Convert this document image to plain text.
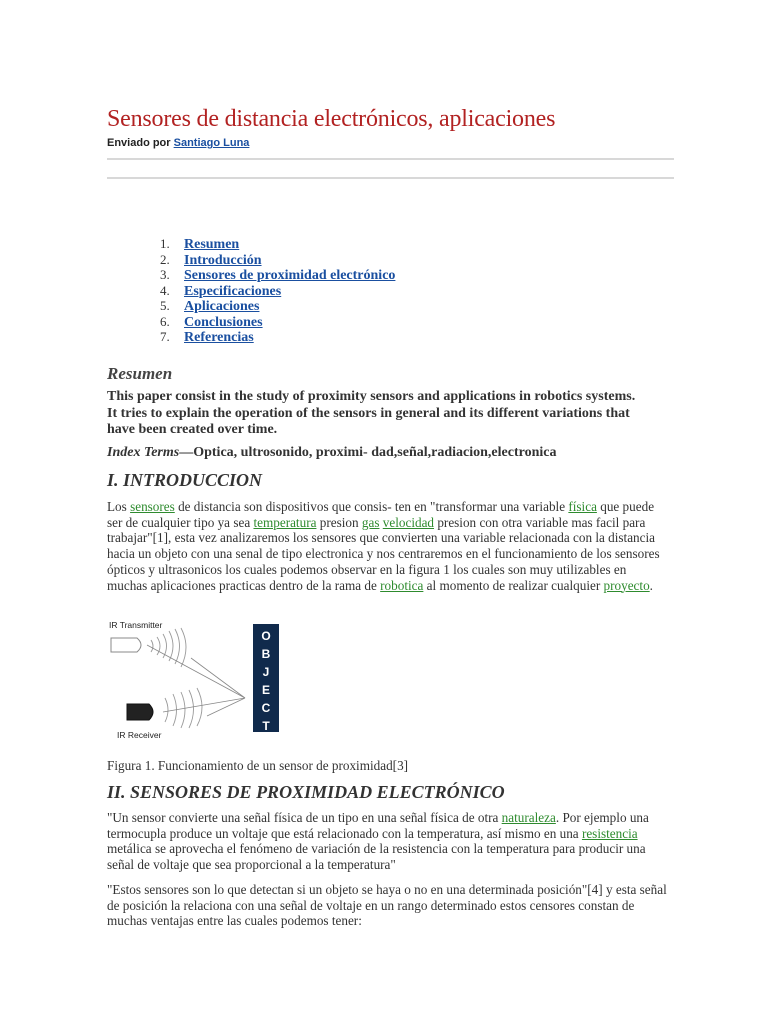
Sensores de distancia electrónicos, aplicaciones
Enviado por Santiago Luna
1. Resumen
2. Introducción
3. Sensores de proximidad electrónico
4. Especificaciones
5. Aplicaciones
6. Conclusiones
7. Referencias
Resumen
This paper consist in the study of proximity sensors and applications in robotics systems. It tries to explain the operation of the sensors in general and its different variations that have been created over time.
Index Terms—Optica, ultrosonido, proximi- dad,señal,radiacion,electronica
I. INTRODUCCION
Los sensores de distancia son dispositivos que consis- ten en "transformar una variable física que puede ser de cualquier tipo ya sea temperatura presion gas velocidad presion con otra variable mas facil para trabajar"[1], esta vez analizaremos los sensores que convierten una variable relacionada con la distancia hacia un objeto con una senal de tipo electronica y nos centraremos en el funcionamiento de los sensores ópticos y ultrasonicos los cuales podemos observar en la figura 1 los cuales son muy utilizables en muchas aplicaciones practicas dentro de la rama de robotica al momento de realizar cualquier proyecto.
IR Transmitter
IR Receiver
O
B
J
E
C
T
Figura 1. Funcionamiento de un sensor de proximidad[3]
II. SENSORES DE PROXIMIDAD ELECTRÓNICO
"Un sensor convierte una señal física de un tipo en una señal física de otra naturaleza. Por ejemplo una termocupla produce un voltaje que está relacionado con la temperatura, así mismo en una resistencia metálica se aprovecha el fenómeno de variación de la resistencia con la temperatura para producir una señal de voltaje que sea proporcional a la temperatura"
"Estos sensores son lo que detectan si un objeto se haya o no en una determinada posición"[4] y esta señal de posición la relaciona con una señal de voltaje en un rango determinado estos censores constan de muchas ventajas entre las cuales podemos tener:
